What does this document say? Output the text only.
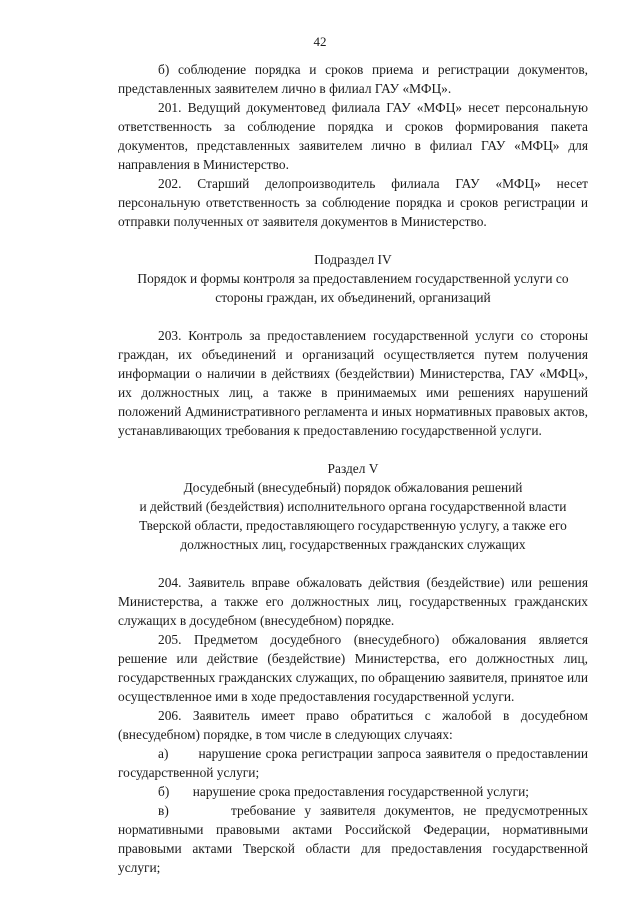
42

б) соблюдение порядка и сроков приема и регистрации документов, представленных заявителем лично в филиал ГАУ «МФЦ».

201. Ведущий документовед филиала ГАУ «МФЦ» несет персональную ответственность за соблюдение порядка и сроков формирования пакета документов, представленных заявителем лично в филиал ГАУ «МФЦ» для направления в Министерство.

202. Старший делопроизводитель филиала ГАУ «МФЦ» несет персональную ответственность за соблюдение порядка и сроков регистрации и отправки полученных от заявителя документов в Министерство.

Подраздел IV
Порядок и формы контроля за предоставлением государственной услуги со
стороны граждан, их объединений, организаций

203. Контроль за предоставлением государственной услуги со стороны граждан, их объединений и организаций осуществляется путем получения информации о наличии в действиях (бездействии) Министерства, ГАУ «МФЦ», их должностных лиц, а также в принимаемых ими решениях нарушений положений Административного регламента и иных нормативных правовых актов, устанавливающих требования к предоставлению государственной услуги.

Раздел V
Досудебный (внесудебный) порядок обжалования решений
и действий (бездействия) исполнительного органа государственной власти
Тверской области, предоставляющего государственную услугу, а также его
должностных лиц, государственных гражданских служащих

204. Заявитель вправе обжаловать действия (бездействие) или решения Министерства, а также его должностных лиц, государственных гражданских служащих в досудебном (внесудебном) порядке.

205. Предметом досудебного (внесудебного) обжалования является решение или действие (бездействие) Министерства, его должностных лиц, государственных гражданских служащих, по обращению заявителя, принятое или осуществленное ими в ходе предоставления государственной услуги.

206. Заявитель имеет право обратиться с жалобой в досудебном (внесудебном) порядке, в том числе в следующих случаях:

а) нарушение срока регистрации запроса заявителя о предоставлении государственной услуги;

б) нарушение срока предоставления государственной услуги;

в)	требование у заявителя документов, не предусмотренных нормативными правовыми актами Российской Федерации, нормативными правовыми актами Тверской области для предоставления государственной услуги;
